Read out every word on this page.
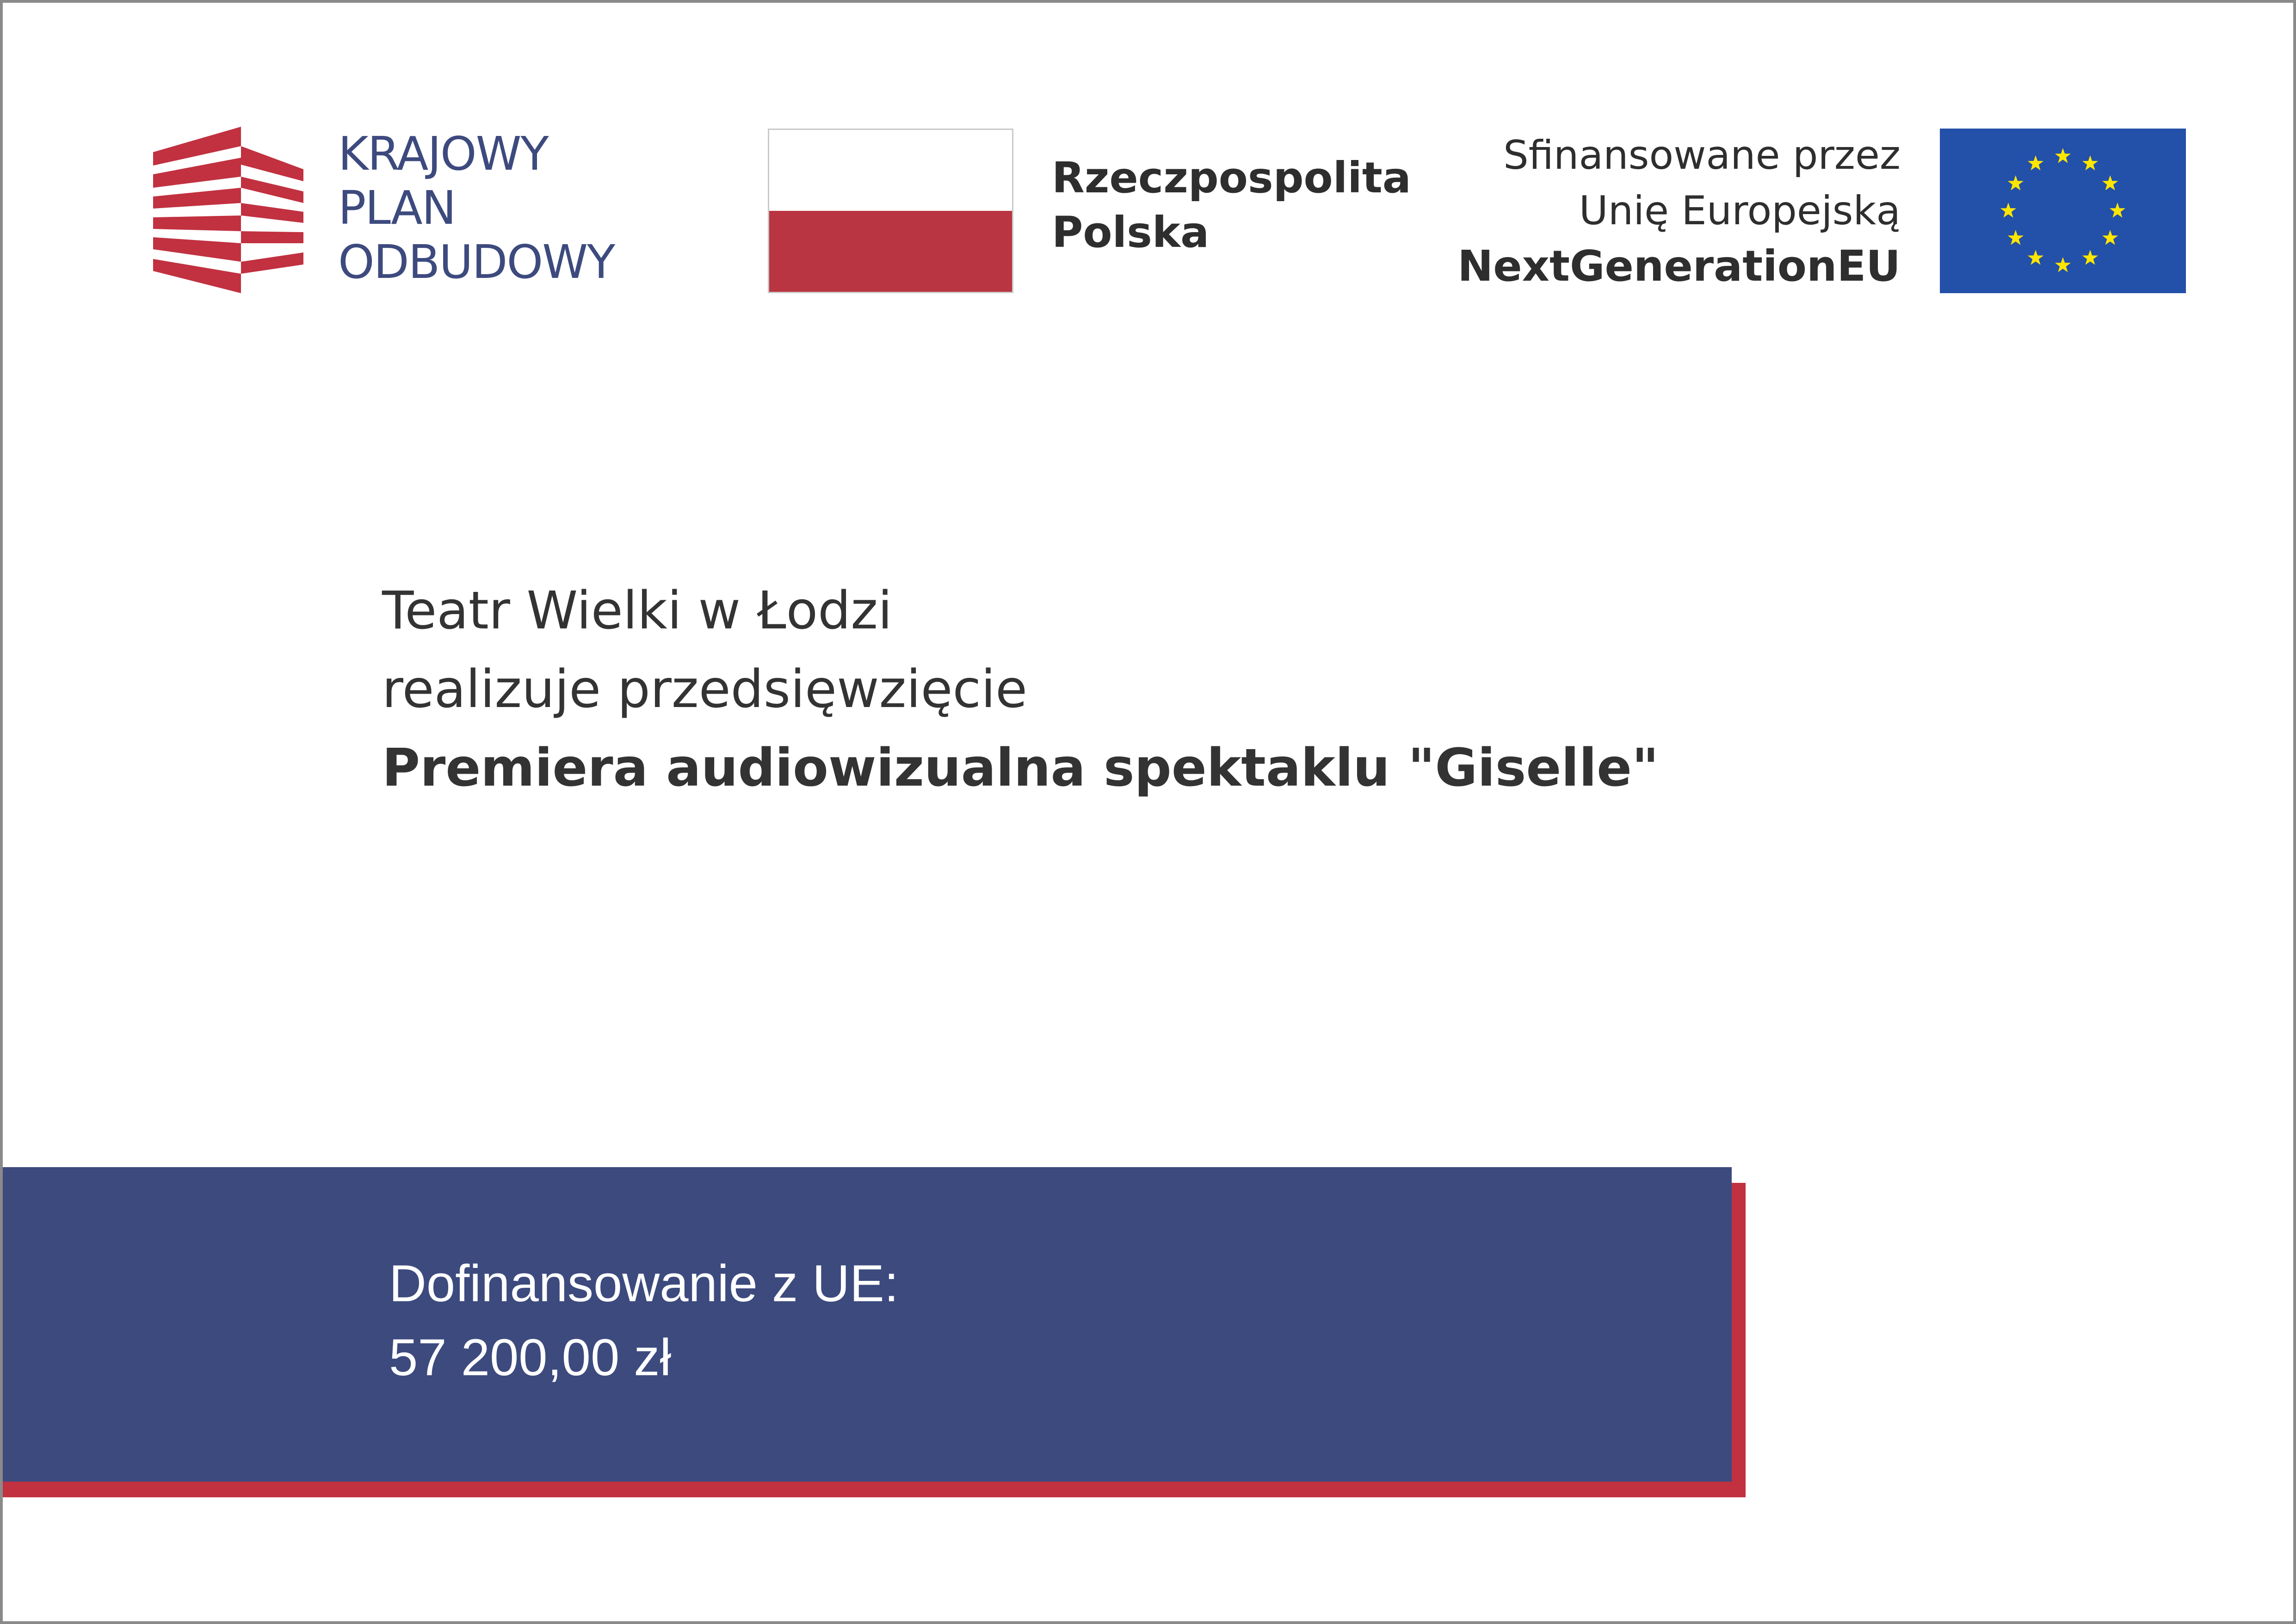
KRAJOWY
PLAN
ODBUDOWY
Rzeczpospolita
Polska
Sfinansowane przez
Unię Europejską
NextGenerationEU
Teatr Wielki w Łodzi
realizuje przedsięwzięcie
Premiera audiowizualna spektaklu "Giselle"
Dofinansowanie z UE:
57 200,00 zł
